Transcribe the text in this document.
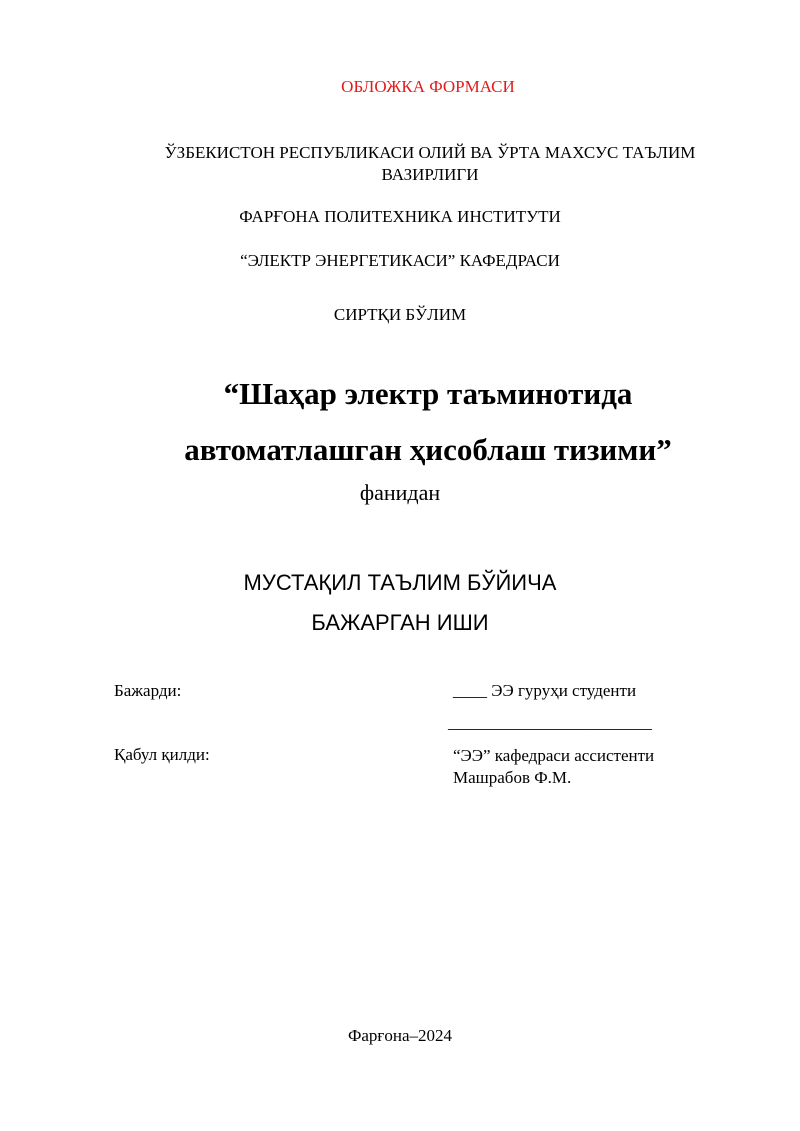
ОБЛОЖКА ФОРМАСИ
ЎЗБЕКИСТОН РЕСПУБЛИКАСИ ОЛИЙ ВА ЎРТА МАХСУС ТАЪЛИМ
ВАЗИРЛИГИ
ФАРҒОНА ПОЛИТЕХНИКА ИНСТИТУТИ
“ЭЛЕКТР ЭНЕРГЕТИКАСИ” КАФЕДРАСИ
СИРТҚИ БЎЛИМ
“Шаҳар электр таъминотида
автоматлашган ҳисоблаш тизими”
фанидан
МУСТАҚИЛ ТАЪЛИМ БЎЙИЧА
БАЖАРГАН ИШИ
Бажарди:	____ ЭЭ гуруҳи студенти
________________________
Қабул қилди:	“ЭЭ” кафедраси ассистенти
Машрабов Ф.М.
Фарғона–2024
